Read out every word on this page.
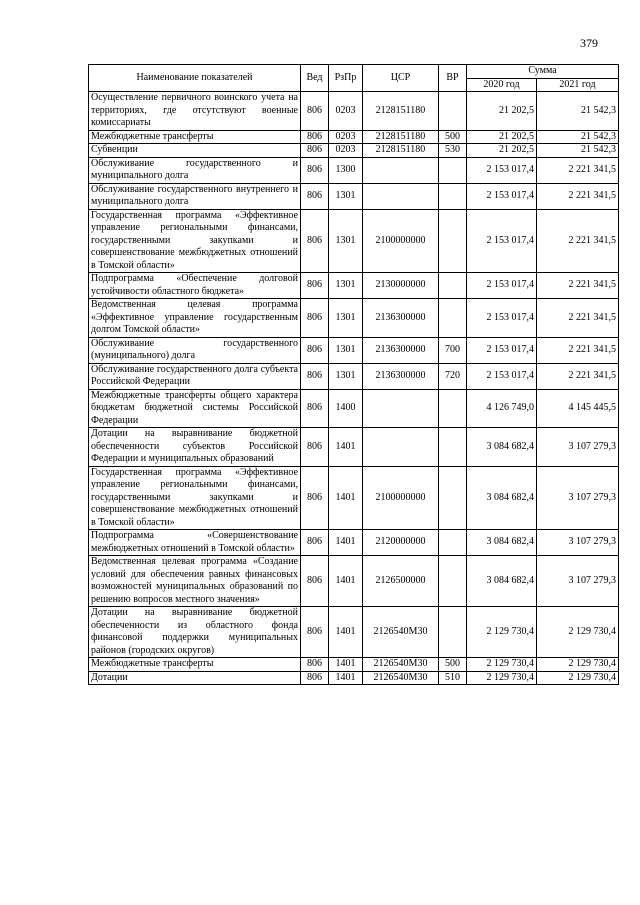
379
Наименование показателей	Вед	РзПр	ЦСР	ВР	Сумма	
					2020 год	2021 год
Осуществление первичного воинского учета на территориях, где отсутствуют военные комиссариаты	806	0203	2128151180		21 202,5	21 542,3
Межбюджетные трансферты	806	0203	2128151180	500	21 202,5	21 542,3
Субвенции	806	0203	2128151180	530	21 202,5	21 542,3
Обслуживание государственного и муниципального долга	806	1300			2 153 017,4	2 221 341,5
Обслуживание государственного внутреннего и муниципального долга	806	1301			2 153 017,4	2 221 341,5
Государственная программа «Эффективное управление региональными финансами, государственными закупками и совершенствование межбюджетных отношений в Томской области»	806	1301	2100000000		2 153 017,4	2 221 341,5
Подпрограмма «Обеспечение долговой устойчивости областного бюджета»	806	1301	2130000000		2 153 017,4	2 221 341,5
Ведомственная целевая программа «Эффективное управление государственным долгом Томской области»	806	1301	2136300000		2 153 017,4	2 221 341,5
Обслуживание государственного (муниципального) долга	806	1301	2136300000	700	2 153 017,4	2 221 341,5
Обслуживание государственного долга субъекта Российской Федерации	806	1301	2136300000	720	2 153 017,4	2 221 341,5
Межбюджетные трансферты общего характера бюджетам бюджетной системы Российской Федерации	806	1400			4 126 749,0	4 145 445,5
Дотации на выравнивание бюджетной обеспеченности субъектов Российской Федерации и муниципальных образований	806	1401			3 084 682,4	3 107 279,3
Государственная программа «Эффективное управление региональными финансами, государственными закупками и совершенствование межбюджетных отношений в Томской области»	806	1401	2100000000		3 084 682,4	3 107 279,3
Подпрограмма «Совершенствование межбюджетных отношений в Томской области»	806	1401	2120000000		3 084 682,4	3 107 279,3
Ведомственная целевая программа «Создание условий для обеспечения равных финансовых возможностей муниципальных образований по решению вопросов местного значения»	806	1401	2126500000		3 084 682,4	3 107 279,3
Дотации на выравнивание бюджетной обеспеченности из областного фонда финансовой поддержки муниципальных районов (городских округов)	806	1401	2126540М30		2 129 730,4	2 129 730,4
Межбюджетные трансферты	806	1401	2126540М30	500	2 129 730,4	2 129 730,4
Дотации	806	1401	2126540М30	510	2 129 730,4	2 129 730,4
